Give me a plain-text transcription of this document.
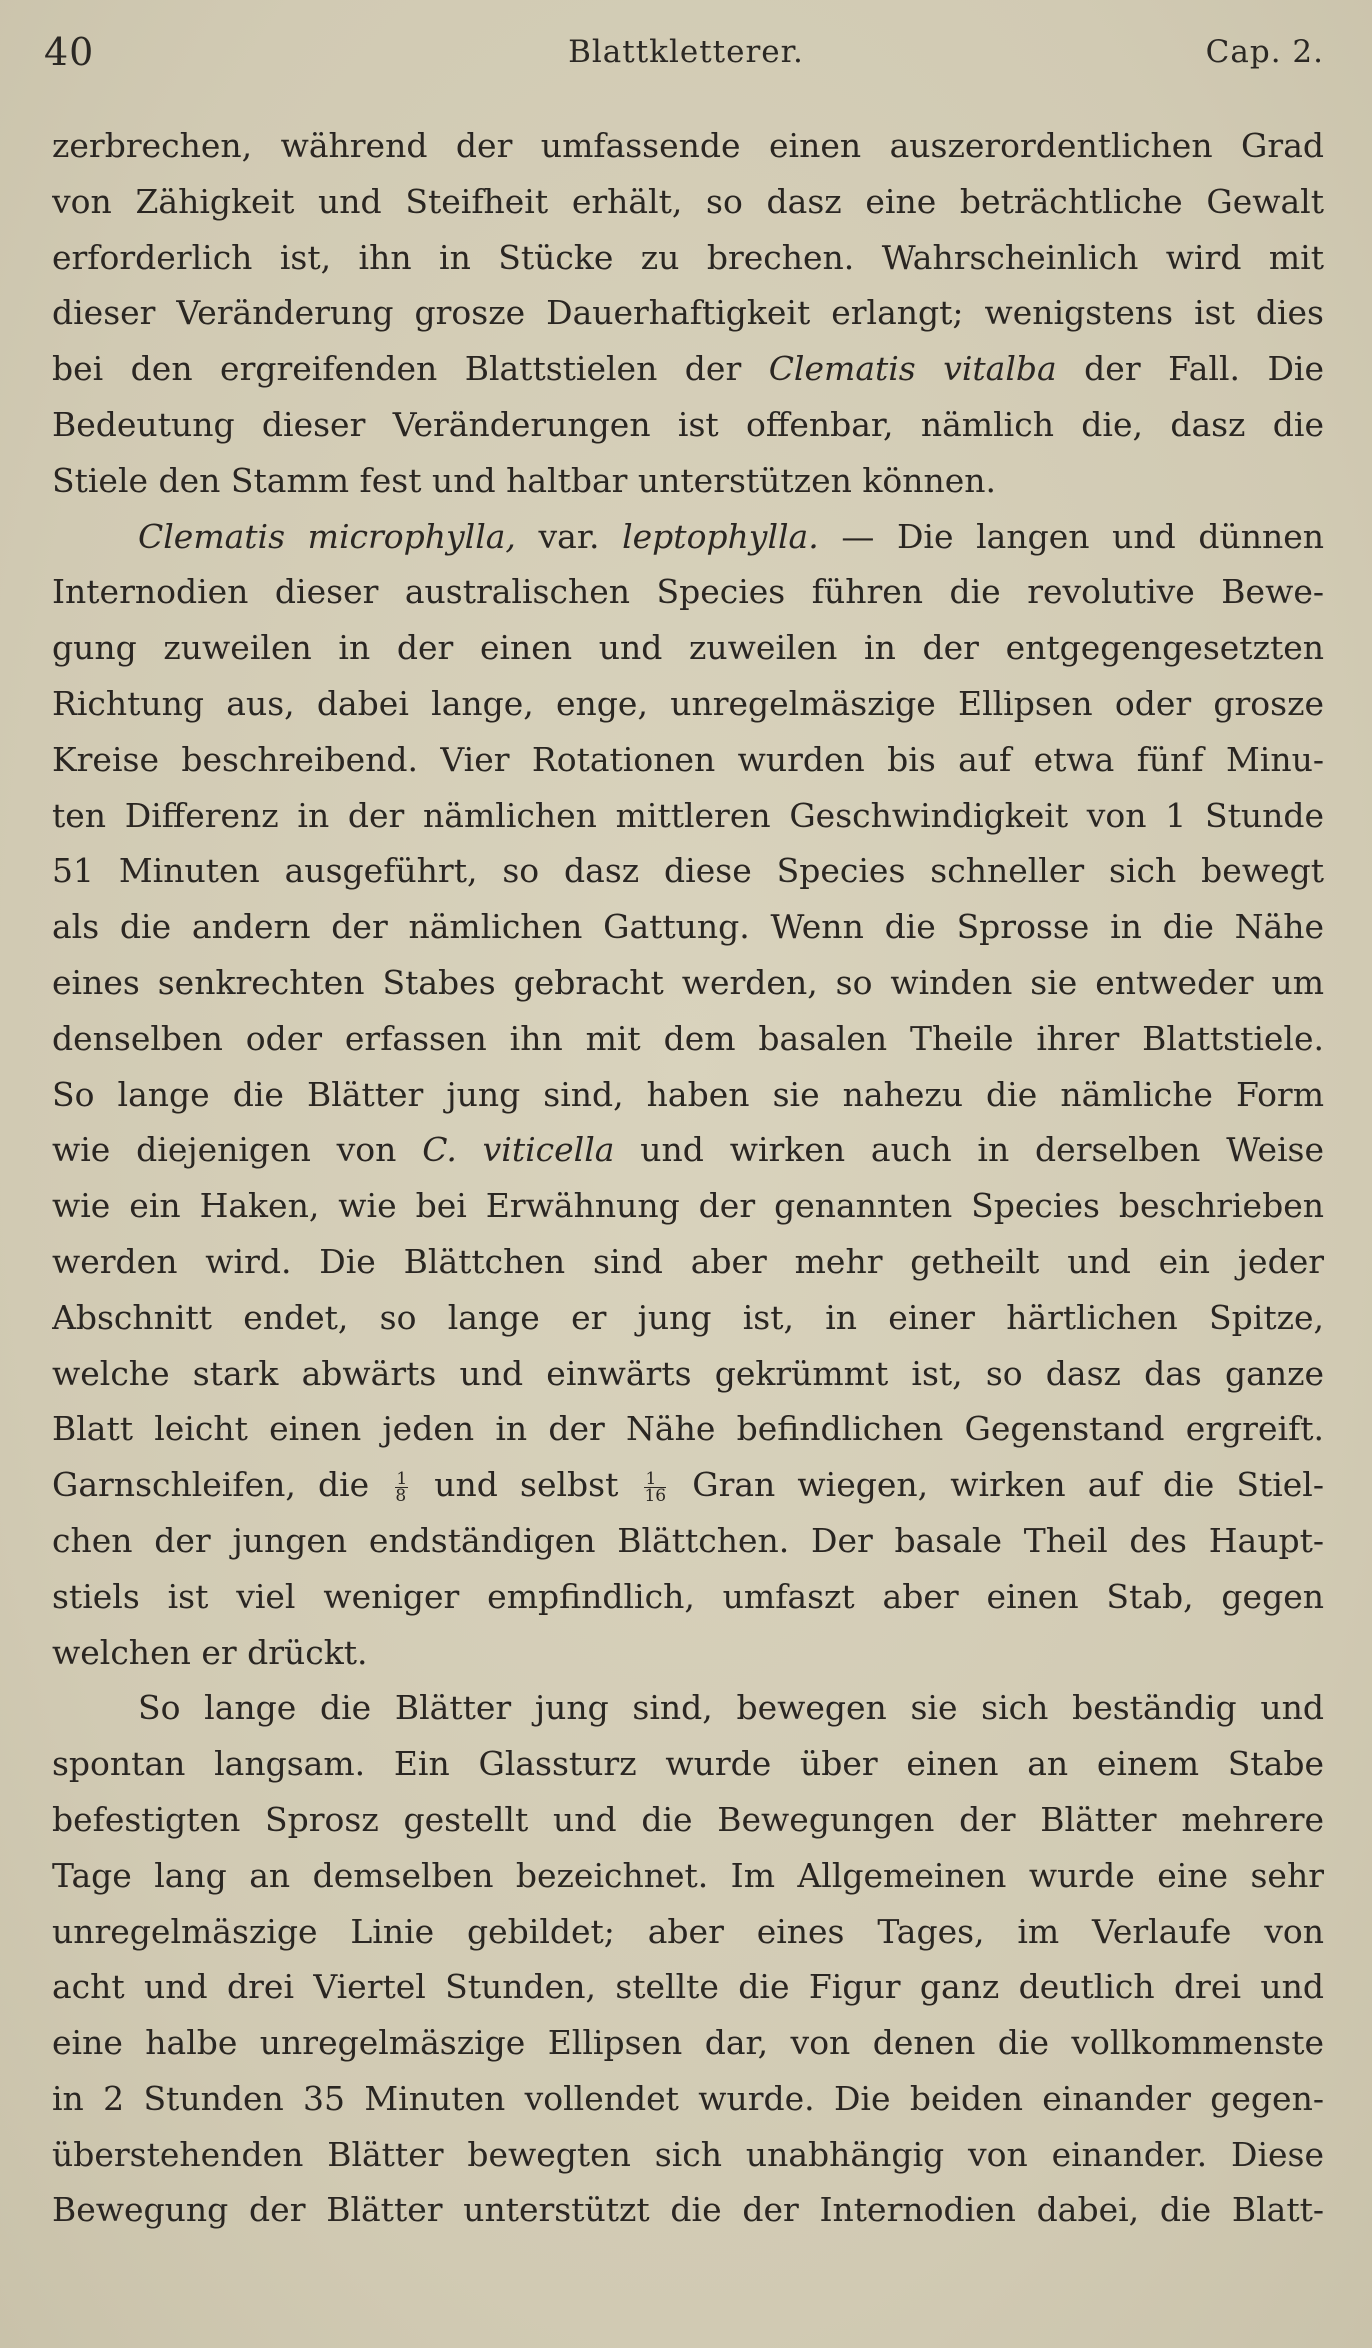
40	Blattkletterer.	Cap. 2.
zerbrechen, während der umfassende einen auszerordentlichen Grad
von Zähigkeit und Steifheit erhält, so dasz eine beträchtliche Gewalt
erforderlich ist, ihn in Stücke zu brechen. Wahrscheinlich wird mit
dieser Veränderung grosze Dauerhaftigkeit erlangt; wenigstens ist dies
bei den ergreifenden Blattstielen der Clematis vitalba der Fall. Die
Bedeutung dieser Veränderungen ist offenbar, nämlich die, dasz die
Stiele den Stamm fest und haltbar unterstützen können.
Clematis microphylla, var. leptophylla. — Die langen und dünnen
Internodien dieser australischen Species führen die revolutive Bewe-
gung zuweilen in der einen und zuweilen in der entgegengesetzten
Richtung aus, dabei lange, enge, unregelmäszige Ellipsen oder grosze
Kreise beschreibend. Vier Rotationen wurden bis auf etwa fünf Minu-
ten Differenz in der nämlichen mittleren Geschwindigkeit von 1 Stunde
51 Minuten ausgeführt, so dasz diese Species schneller sich bewegt
als die andern der nämlichen Gattung. Wenn die Sprosse in die Nähe
eines senkrechten Stabes gebracht werden, so winden sie entweder um
denselben oder erfassen ihn mit dem basalen Theile ihrer Blattstiele.
So lange die Blätter jung sind, haben sie nahezu die nämliche Form
wie diejenigen von C. viticella und wirken auch in derselben Weise
wie ein Haken, wie bei Erwähnung der genannten Species beschrieben
werden wird. Die Blättchen sind aber mehr getheilt und ein jeder
Abschnitt endet, so lange er jung ist, in einer härtlichen Spitze,
welche stark abwärts und einwärts gekrümmt ist, so dasz das ganze
Blatt leicht einen jeden in der Nähe befindlichen Gegenstand ergreift.
Garnschleifen, die $\frac{1}{8}$ und selbst $\frac{1}{16}$ Gran wiegen, wirken auf die Stiel-
chen der jungen endständigen Blättchen. Der basale Theil des Haupt-
stiels ist viel weniger empfindlich, umfaszt aber einen Stab, gegen
welchen er drückt.
So lange die Blätter jung sind, bewegen sie sich beständig und
spontan langsam. Ein Glassturz wurde über einen an einem Stabe
befestigten Sprosz gestellt und die Bewegungen der Blätter mehrere
Tage lang an demselben bezeichnet. Im Allgemeinen wurde eine sehr
unregelmäszige Linie gebildet; aber eines Tages, im Verlaufe von
acht und drei Viertel Stunden, stellte die Figur ganz deutlich drei und
eine halbe unregelmäszige Ellipsen dar, von denen die vollkommenste
in 2 Stunden 35 Minuten vollendet wurde. Die beiden einander gegen-
überstehenden Blätter bewegten sich unabhängig von einander. Diese
Bewegung der Blätter unterstützt die der Internodien dabei, die Blatt-
